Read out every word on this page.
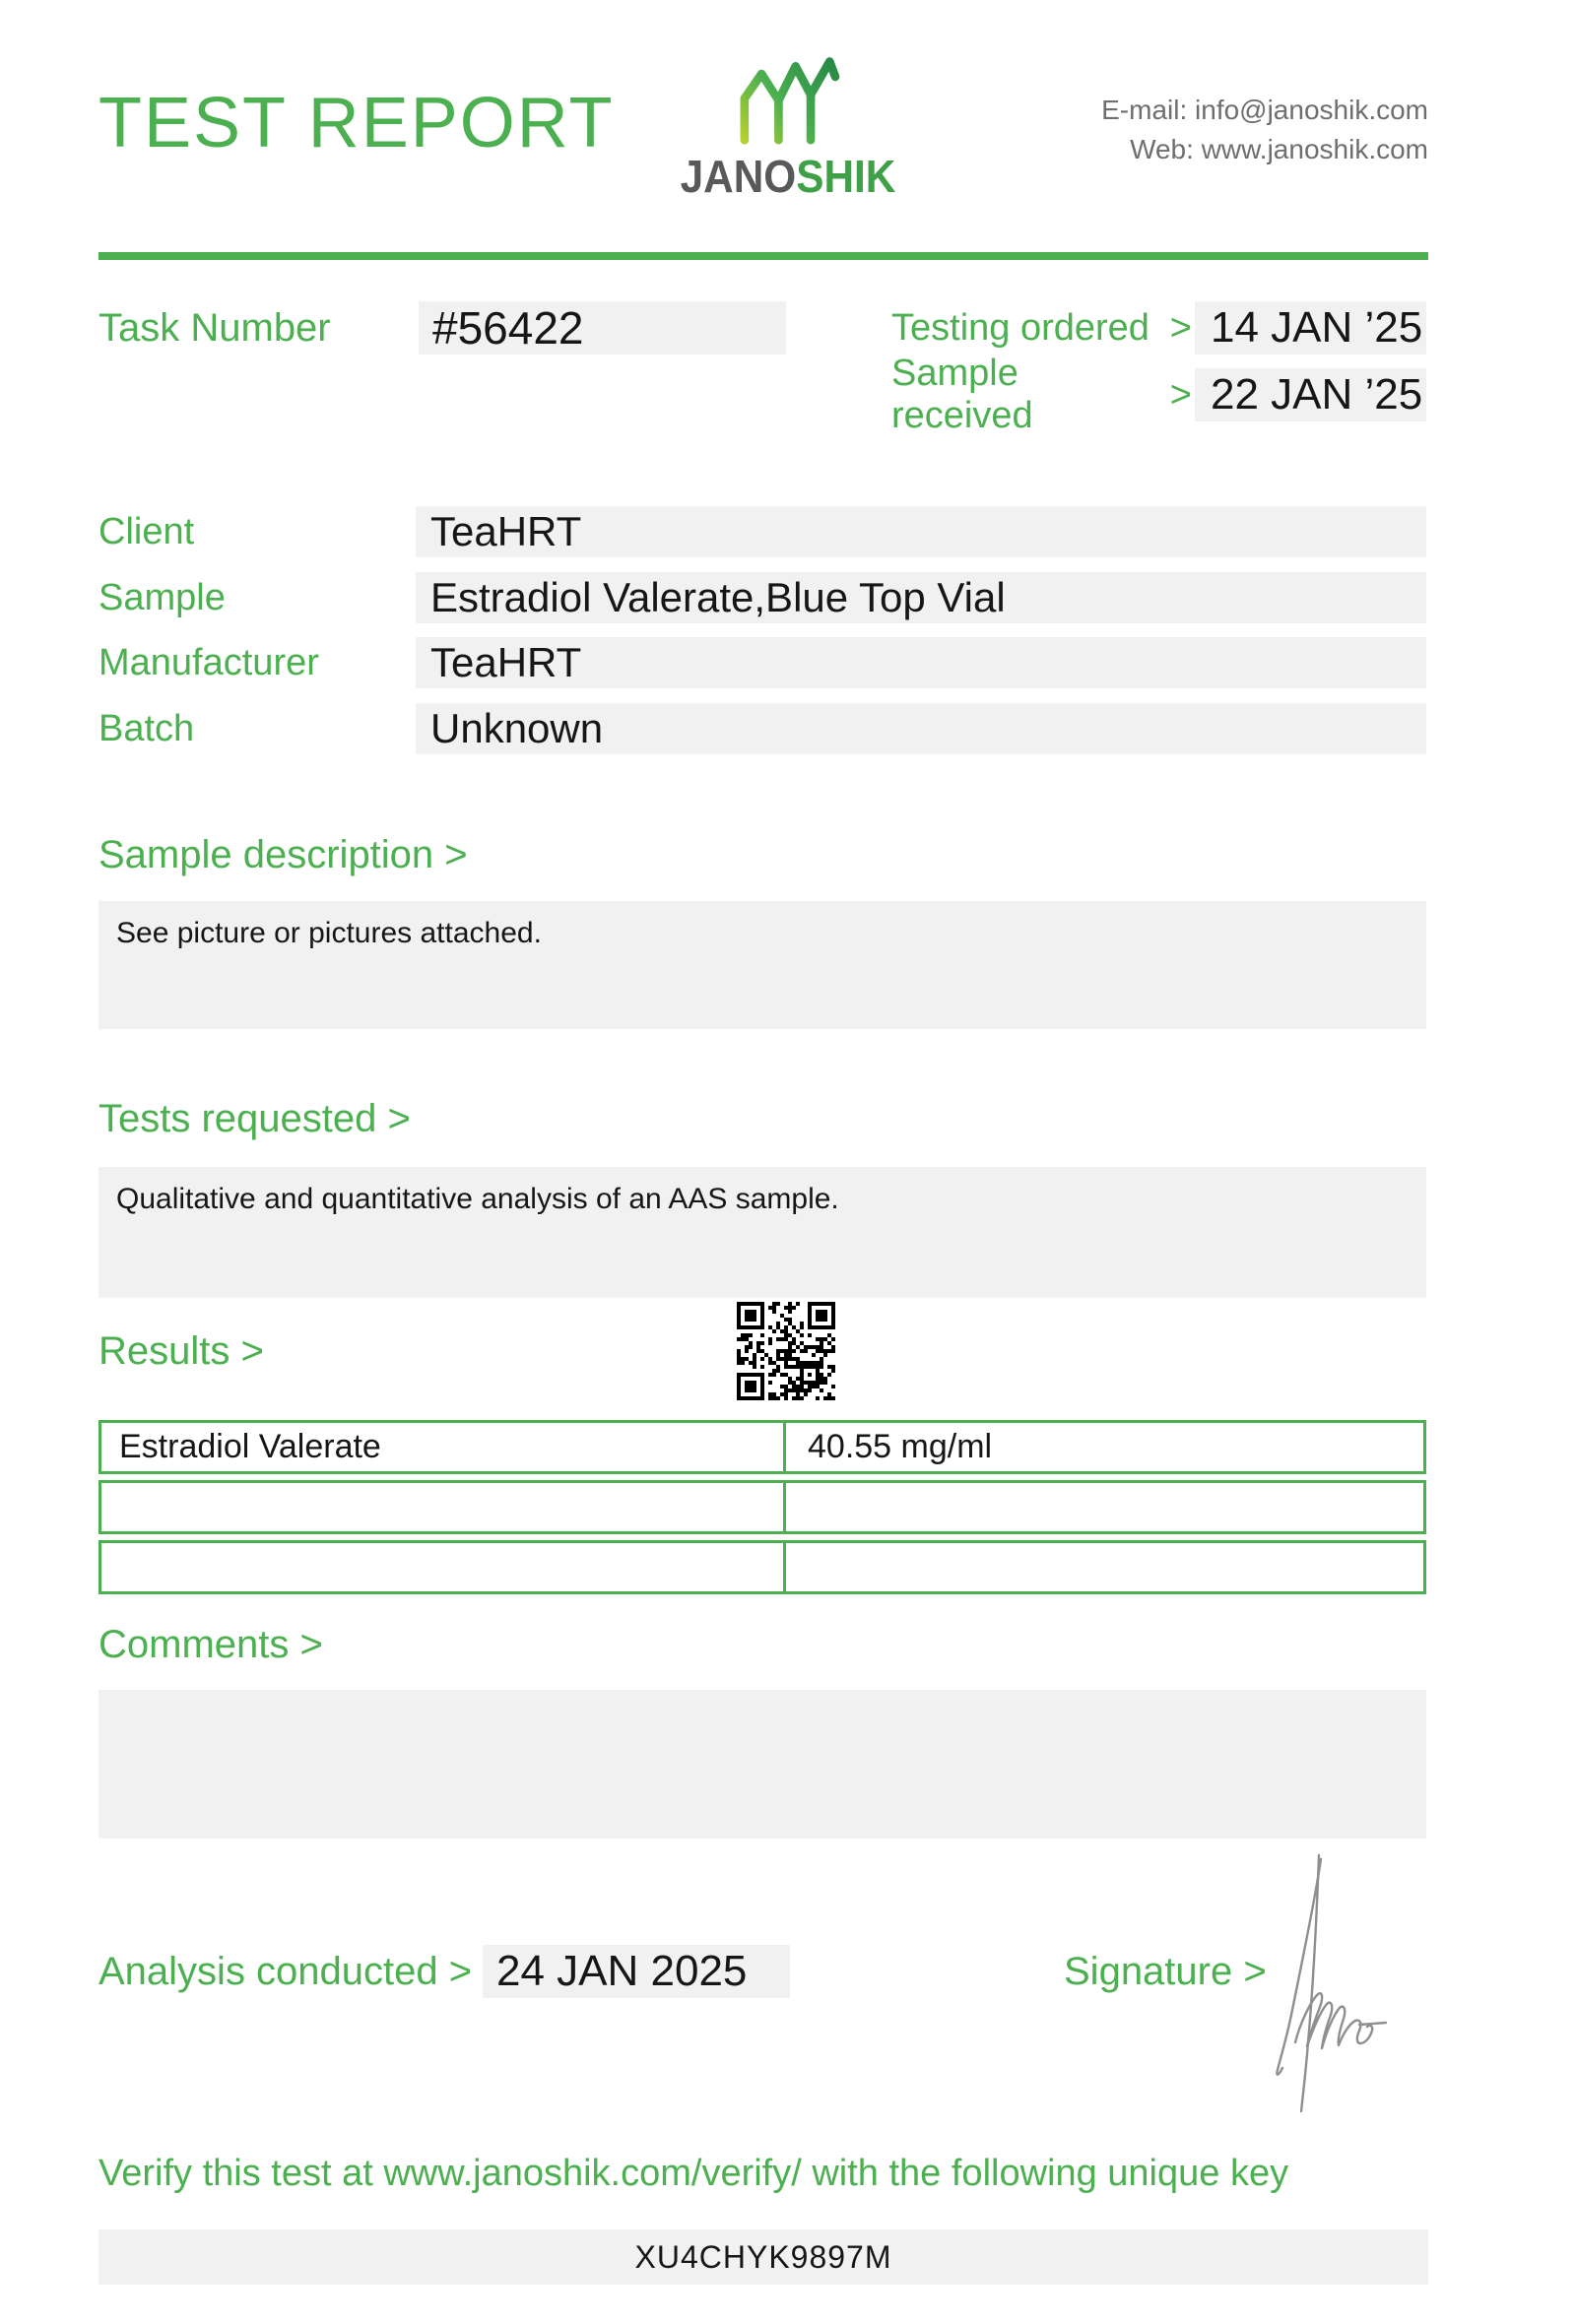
TEST REPORT
JANOSHIK
E-mail: info@janoshik.com
Web: www.janoshik.com
Task Number	#56422	Testing ordered > 14 JAN ’25
Sample received
> 22 JAN ’25
Client	TeaHRT
Sample	Estradiol Valerate,Blue Top Vial
Manufacturer	TeaHRT
Batch	Unknown
Sample description >
See picture or pictures attached.
Tests requested >
Qualitative and quantitative analysis of an AAS sample.
Results >
Estradiol Valerate	40.55 mg/ml
Comments >
Analysis conducted > 24 JAN 2025	Signature >
Verify this test at www.janoshik.com/verify/ with the following unique key
XU4CHYK9897M
